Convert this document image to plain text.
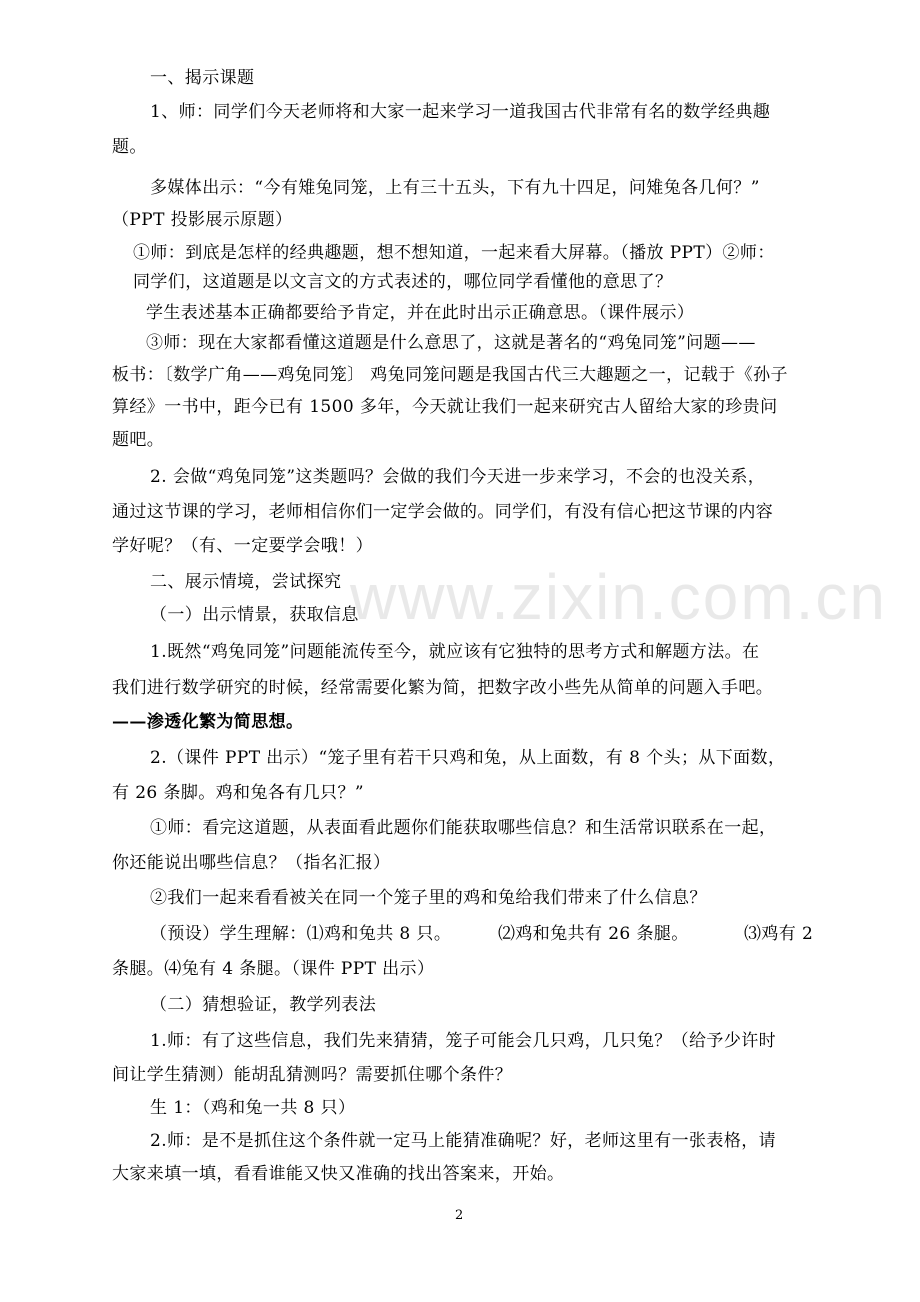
www.zixin.com.cn
一、揭示课题
1、师：同学们今天老师将和大家一起来学习一道我国古代非常有名的数学经典趣
题。
多媒体出示：“今有雉兔同笼，上有三十五头，下有九十四足，问雉兔各几何？”
（PPT 投影展示原题）
①师：到底是怎样的经典趣题，想不想知道，一起来看大屏幕。（播放 PPT）②师：
同学们，这道题是以文言文的方式表述的，哪位同学看懂他的意思了？
学生表述基本正确都要给予肯定，并在此时出示正确意思。（课件展示）
③师：现在大家都看懂这道题是什么意思了，这就是著名的“鸡兔同笼”问题——
板书：〔数学广角——鸡兔同笼〕 鸡兔同笼问题是我国古代三大趣题之一，记载于《孙子
算经》一书中，距今已有 1500 多年，今天就让我们一起来研究古人留给大家的珍贵问
题吧。
2. 会做“鸡兔同笼”这类题吗？会做的我们今天进一步来学习，不会的也没关系，
通过这节课的学习，老师相信你们一定学会做的。同学们，有没有信心把这节课的内容
学好呢？（有、一定要学会哦！）
二、展示情境，尝试探究
（一）出示情景，获取信息
1.既然“鸡兔同笼”问题能流传至今，就应该有它独特的思考方式和解题方法。在
我们进行数学研究的时候，经常需要化繁为简，把数字改小些先从简单的问题入手吧。
——渗透化繁为简思想。
2.（课件 PPT 出示）“笼子里有若干只鸡和兔，从上面数，有 8 个头；从下面数，
有 26 条脚。鸡和兔各有几只？”
①师：看完这道题，从表面看此题你们能获取哪些信息？和生活常识联系在一起，
你还能说出哪些信息？（指名汇报）
②我们一起来看看被关在同一个笼子里的鸡和兔给我们带来了什么信息？
（预设）学生理解：⑴鸡和兔共 8 只。	⑵鸡和兔共有 26 条腿。	⑶鸡有 2
条腿。⑷兔有 4 条腿。（课件 PPT 出示）
（二）猜想验证，教学列表法
1.师：有了这些信息，我们先来猜猜，笼子可能会几只鸡，几只兔？（给予少许时
间让学生猜测）能胡乱猜测吗？需要抓住哪个条件？
生 1：（鸡和兔一共 8 只）
2.师：是不是抓住这个条件就一定马上能猜准确呢？好，老师这里有一张表格，请
大家来填一填，看看谁能又快又准确的找出答案来，开始。
2
